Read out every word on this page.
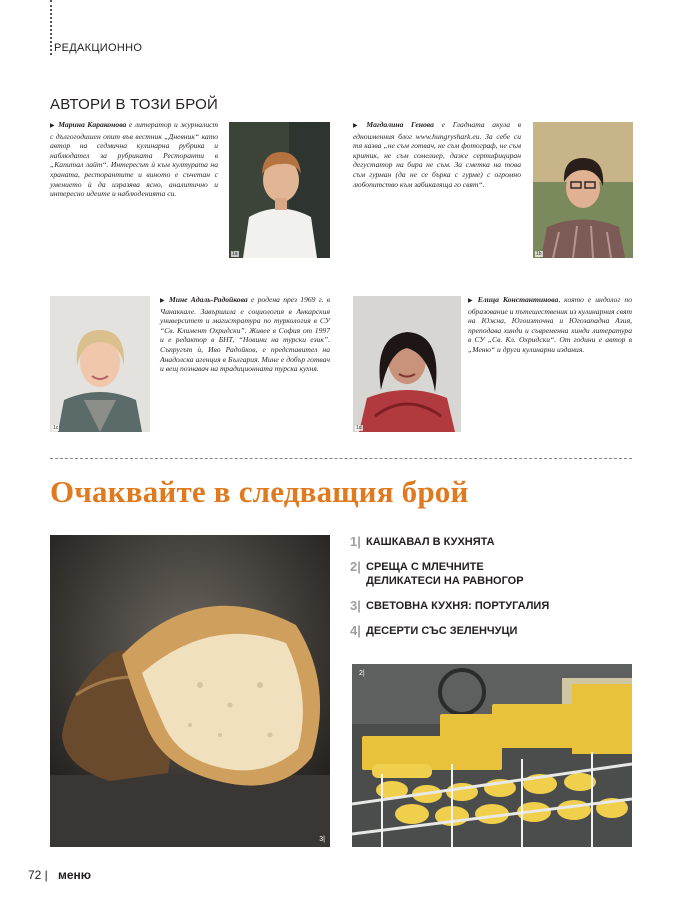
РЕДАКЦИОННО
АВТОРИ В ТОЗИ БРОЙ
▶ Марина Караконова е литератор и журналист с дългогодишен опит във вестник „Дневник“ като автор на седмична кулинарна рубрика и наблюдател за рубриката Ресторанти в „Капитал лайт“. Интересът ѝ към културата на храната, ресторантите и виното е съчетан с умението ѝ да изразява ясно, аналитично и интересно идеите и наблюденията си.
1a
▶ Магдалина Генова е Гладната акула в едноименния блог www.hungryshark.eu. За себе си тя казва „не съм готвач, не съм фотограф, не съм критик, не съм сомелиер, даже сертифициран дегустатор на бира не съм. За сметка на това съм гурман (да не се бърка с гурме) с огромно любопитство към забикаляща го свят“.
1b
1c
▶ Мине Адаль-Радойкова е родена през 1969 г. в Чанаккале. Завършила е социология в Анкарския университет и магистратура по туркология в СУ “Св. Климент Охридски”. Живее в София от 1997 и е редактор в БНТ, “Новини на турски език”. Съпругът ѝ, Иво Радойков, е представител на Анадолска агенция в България. Мине е добър готвач и вещ познавач на традиционната турска кухня.
1d
▶ Елица Константинова, която е индолог по образование и пътешественик из кулинарния свят на Южна, Югоизточна и Югозападна Азия, преподава хинди и съвременна хинди литература в СУ „Св. Кл. Охридски“. От години е автор в „Меню“ и други кулинарни издания.
Очаквайте в следващия брой
3|
1| КАШКАВАЛ В КУХНЯТА
2| СРЕЩА С МЛЕЧНИТЕ ДЕЛИКАТЕСИ НА РАВНОГОР
3| СВЕТОВНА КУХНЯ: ПОРТУГАЛИЯ
4| ДЕСЕРТИ СЪС ЗЕЛЕНЧУЦИ
2|
72 | меню
